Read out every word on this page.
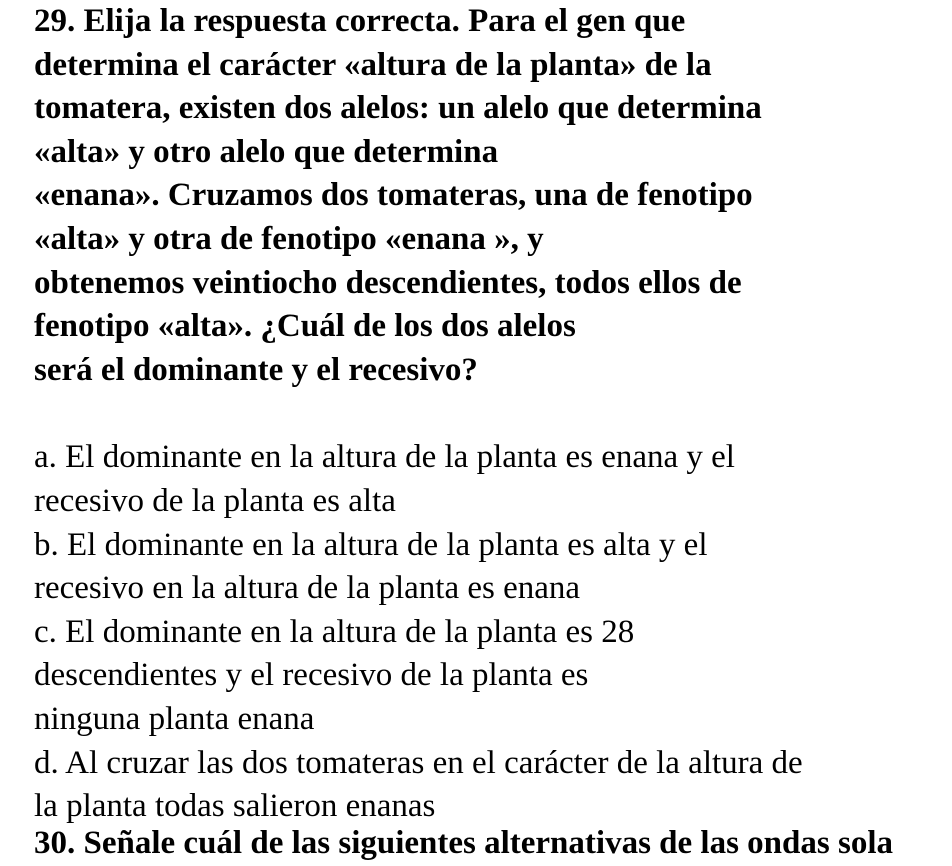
29. Elija la respuesta correcta. Para el gen que
determina el carácter «altura de la planta» de la
tomatera, existen dos alelos: un alelo que determina
«alta» y otro alelo que determina
«enana». Cruzamos dos tomateras, una de fenotipo
«alta» y otra de fenotipo «enana », y
obtenemos veintiocho descendientes, todos ellos de
fenotipo «alta». ¿Cuál de los dos alelos
será el dominante y el recesivo?
a. El dominante en la altura de la planta es enana y el
recesivo de la planta es alta
b. El dominante en la altura de la planta es alta y el
recesivo en la altura de la planta es enana
c. El dominante en la altura de la planta es 28
descendientes y el recesivo de la planta es
ninguna planta enana
d. Al cruzar las dos tomateras en el carácter de la altura de
la planta todas salieron enanas
30. Señale cuál de las siguientes alternativas de las ondas sola
